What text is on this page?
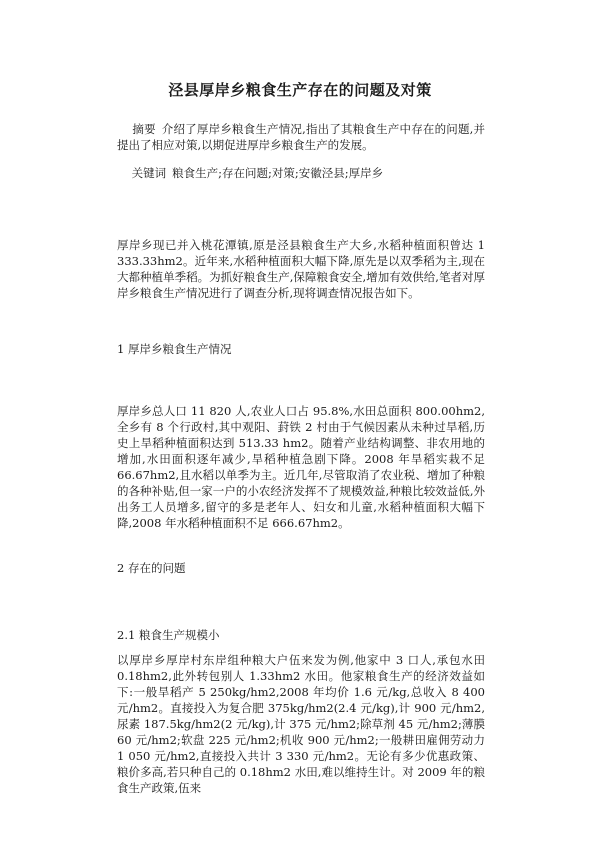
泾县厚岸乡粮食生产存在的问题及对策
摘要 介绍了厚岸乡粮食生产情况,指出了其粮食生产中存在的问题,并提出了相应对策,以期促进厚岸乡粮食生产的发展。
关键词 粮食生产;存在问题;对策;安徽泾县;厚岸乡
厚岸乡现已并入桃花潭镇,原是泾县粮食生产大乡,水稻种植面积曾达 1 333.33hm2。近年来,水稻种植面积大幅下降,原先是以双季稻为主,现在大都种植单季稻。为抓好粮食生产,保障粮食安全,增加有效供给,笔者对厚岸乡粮食生产情况进行了调查分析,现将调查情况报告如下。
1 厚岸乡粮食生产情况
厚岸乡总人口 11 820 人,农业人口占 95.8%,水田总面积 800.00hm2,全乡有 8 个行政村,其中观阳、葑铁 2 村由于气候因素从未种过旱稻,历史上旱稻种植面积达到 513.33 hm2。随着产业结构调整、非农用地的增加,水田面积逐年减少,旱稻种植急剧下降。2008 年旱稻实栽不足 66.67hm2,且水稻以单季为主。近几年,尽管取消了农业税、增加了种粮的各种补贴,但一家一户的小农经济发挥不了规模效益,种粮比较效益低,外出务工人员增多,留守的多是老年人、妇女和儿童,水稻种植面积大幅下降,2008 年水稻种植面积不足 666.67hm2。
2 存在的问题
2.1 粮食生产规模小
以厚岸乡厚岸村东岸组种粮大户伍来发为例,他家中 3 口人,承包水田 0.18hm2,此外转包别人 1.33hm2 水田。他家粮食生产的经济效益如下:一般旱稻产 5 250kg/hm2,2008 年均价 1.6 元/kg,总收入 8 400 元/hm2。直接投入为复合肥 375kg/hm2(2.4 元/kg),计 900 元/hm2,尿素 187.5kg/hm2(2 元/kg),计 375 元/hm2;除草剂 45 元/hm2;薄膜 60 元/hm2;软盘 225 元/hm2;机收 900 元/hm2;一般耕田雇佣劳动力 1 050 元/hm2,直接投入共计 3 330 元/hm2。无论有多少优惠政策、粮价多高,若只种自己的 0.18hm2 水田,难以维持生计。对 2009 年的粮食生产政策,伍来
